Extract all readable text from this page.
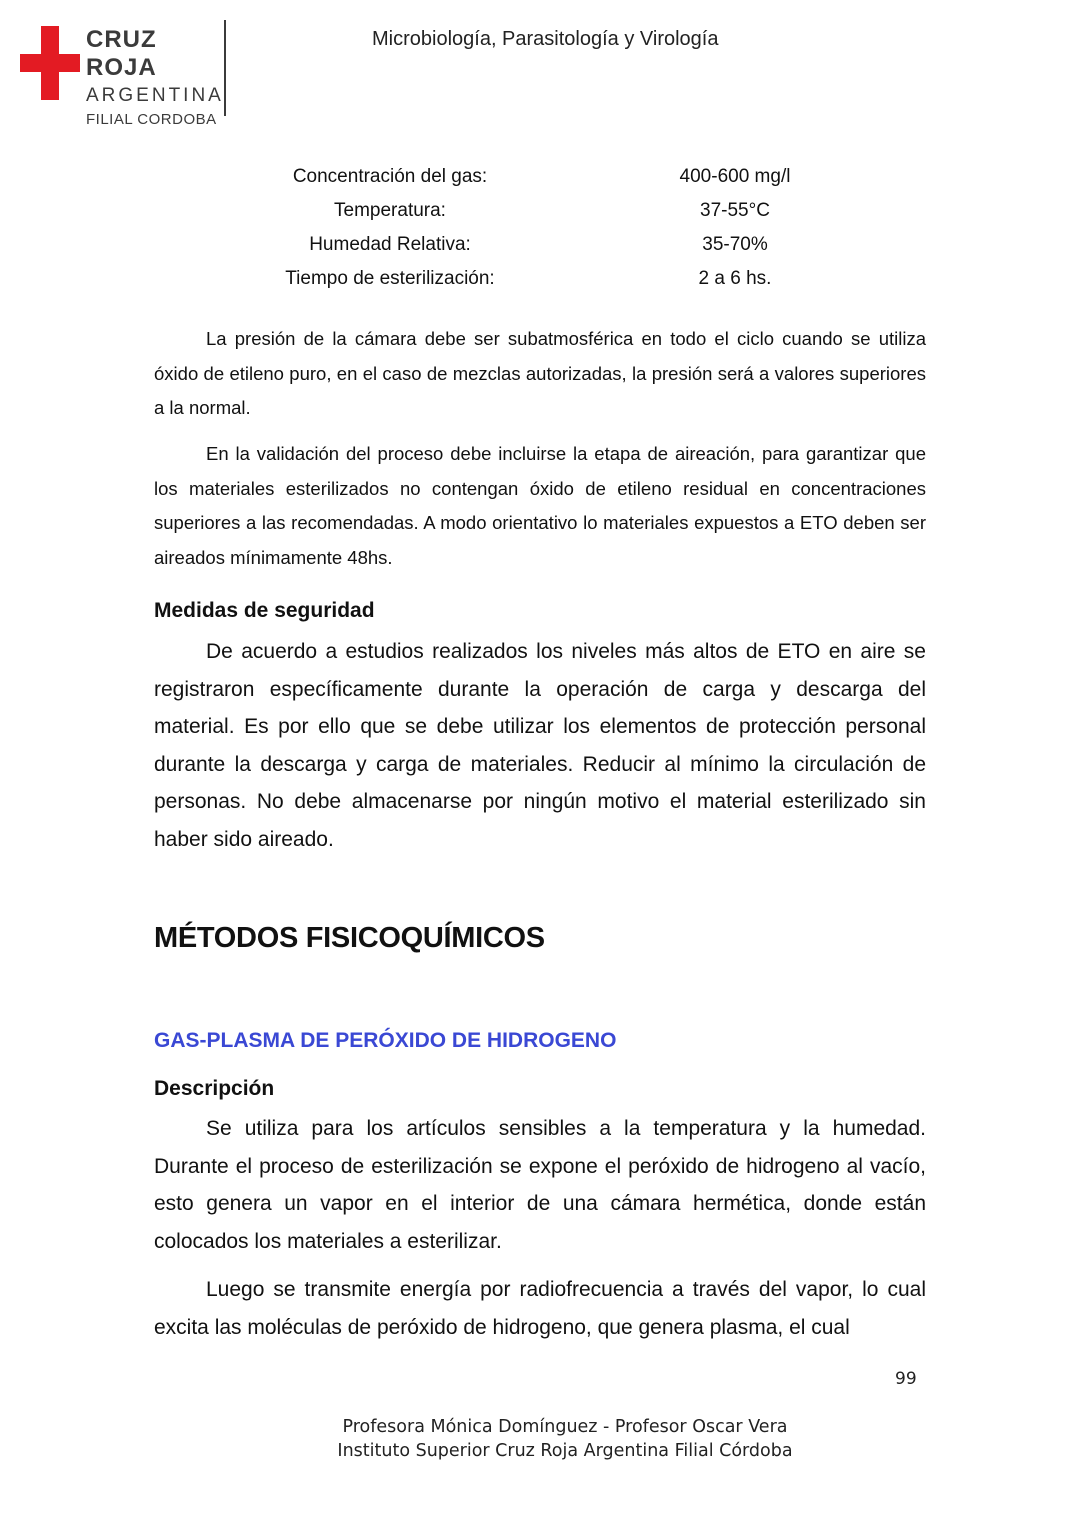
CRUZ ROJA
ARGENTINA
FILIAL CORDOBA
Microbiología, Parasitología y Virología
Concentración del gas:	400-600 mg/l
Temperatura:	37-55°C
Humedad Relativa:	35-70%
Tiempo de esterilización:	2 a 6 hs.

La presión de la cámara debe ser subatmosférica en todo el ciclo cuando se utiliza óxido de etileno puro, en el caso de mezclas autorizadas, la presión será a valores superiores a la normal.

En la validación del proceso debe incluirse la etapa de aireación, para garantizar que los materiales esterilizados no contengan óxido de etileno residual en concentraciones superiores a las recomendadas. A modo orientativo lo materiales expuestos a ETO deben ser aireados mínimamente 48hs.

Medidas de seguridad

De acuerdo a estudios realizados los niveles más altos de ETO en aire se registraron específicamente durante la operación de carga y descarga del material. Es por ello que se debe utilizar los elementos de protección personal durante la descarga y carga de materiales. Reducir al mínimo la circulación de personas. No debe almacenarse por ningún motivo el material esterilizado sin haber sido aireado.

MÉTODOS FISICOQUÍMICOS
GAS-PLASMA DE PERÓXIDO DE HIDROGENO
Descripción

Se utiliza para los artículos sensibles a la temperatura y la humedad. Durante el proceso de esterilización se expone el peróxido de hidrogeno al vacío, esto genera un vapor en el interior de una cámara hermética, donde están colocados los materiales a esterilizar.

Luego se transmite energía por radiofrecuencia a través del vapor, lo cual excita las moléculas de peróxido de hidrogeno, que genera plasma, el cual

99
Profesora Mónica Domínguez - Profesor Oscar Vera
Instituto Superior Cruz Roja Argentina Filial Córdoba
